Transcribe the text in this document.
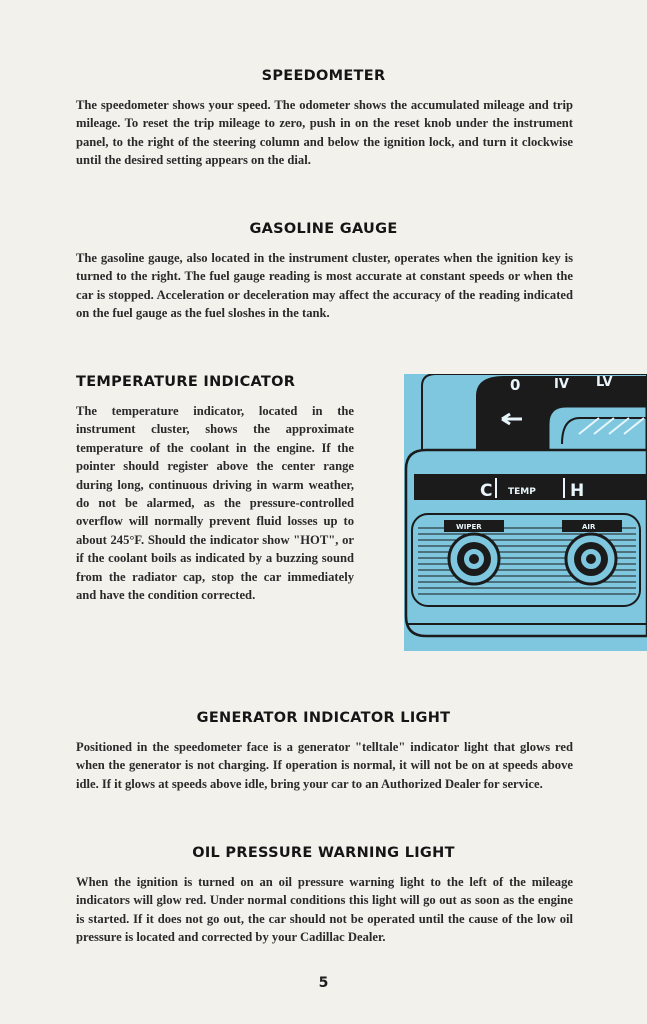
SPEEDOMETER

The speedometer shows your speed. The odometer shows the accumulated mileage and trip mileage. To reset the trip mileage to zero, push in on the reset knob under the instrument panel, to the right of the steering column and below the ignition lock, and turn it clockwise until the desired setting appears on the dial.

GASOLINE GAUGE

The gasoline gauge, also located in the instrument cluster, operates when the ignition key is turned to the right. The fuel gauge reading is most accurate at constant speeds or when the car is stopped. Acceleration or deceleration may affect the accuracy of the reading indicated on the fuel gauge as the fuel sloshes in the tank.

TEMPERATURE INDICATOR

The temperature indicator, located in the instrument cluster, shows the approximate temperature of the coolant in the engine. If the pointer should register above the center range during long, continuous driving in warm weather, do not be alarmed, as the pressure-controlled overflow will normally prevent fluid losses up to about 245°F. Should the indicator show "HOT", or if the coolant boils as indicated by a buzzing sound from the radiator cap, stop the car immediately and have the condition corrected.

0	IV LV
C TEMP H
WIPER	AIR
GENERATOR INDICATOR LIGHT

Positioned in the speedometer face is a generator "telltale" indicator light that glows red when the generator is not charging. If operation is normal, it will not be on at speeds above idle. If it glows at speeds above idle, bring your car to an Authorized Dealer for service.

OIL PRESSURE WARNING LIGHT

When the ignition is turned on an oil pressure warning light to the left of the mileage indicators will glow red. Under normal conditions this light will go out as soon as the engine is started. If it does not go out, the car should not be operated until the cause of the low oil pressure is located and corrected by your Cadillac Dealer.

5
